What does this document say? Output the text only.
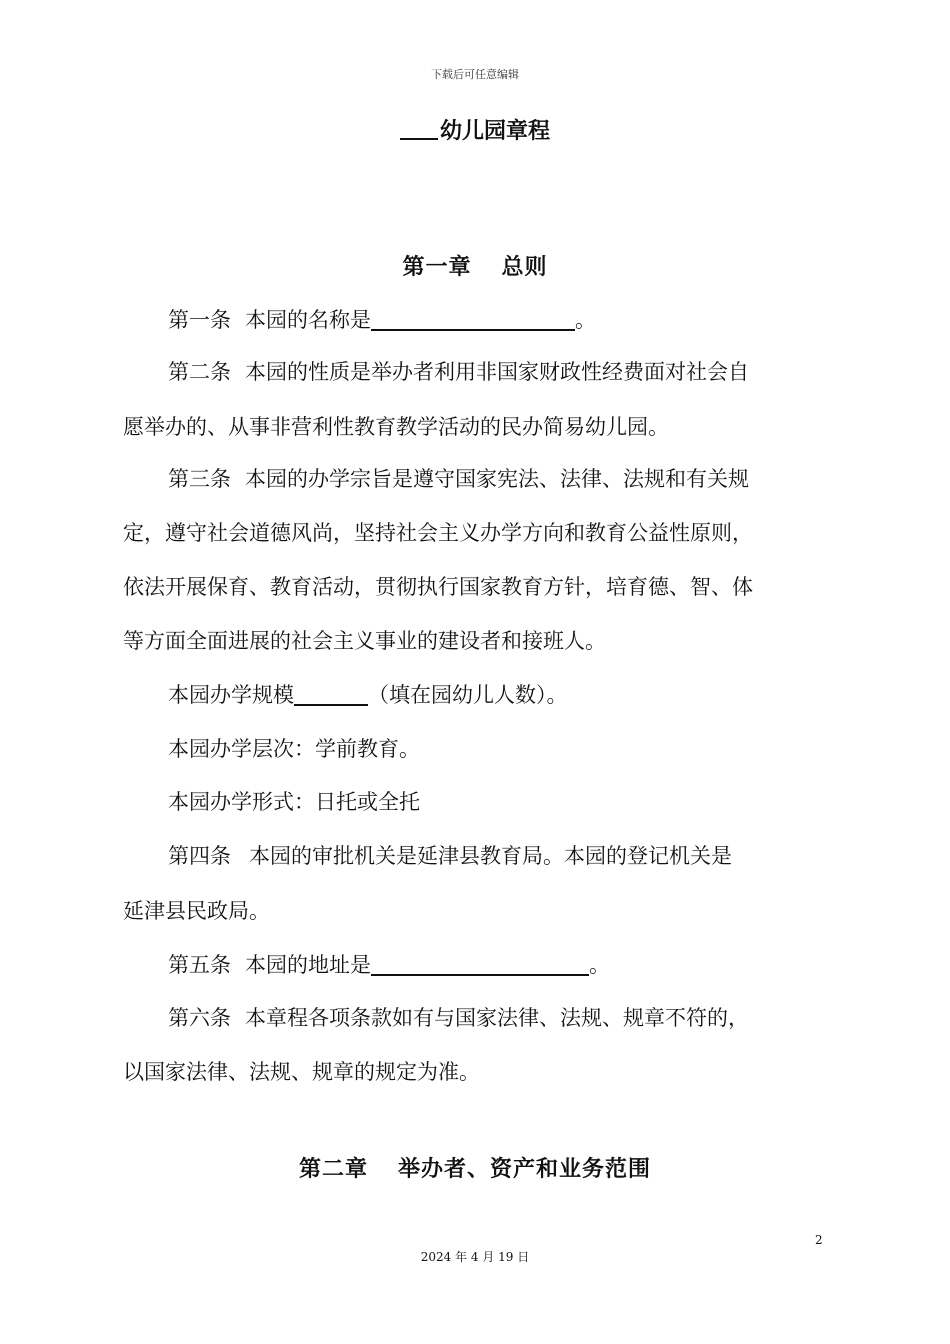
下载后可任意编辑
幼儿园章程
第一章 总则
第一条 本园的名称是	。
第二条 本园的性质是举办者利用非国家财政性经费面对社会自
愿举办的、从事非营利性教育教学活动的民办简易幼儿园。
第三条 本园的办学宗旨是遵守国家宪法、法律、法规和有关规
定，遵守社会道德风尚，坚持社会主义办学方向和教育公益性原则，
依法开展保育、教育活动，贯彻执行国家教育方针，培育德、智、体
等方面全面进展的社会主义事业的建设者和接班人。
本园办学规模	（填在园幼儿人数）。
本园办学层次：学前教育。
本园办学形式：日托或全托
第四条 本园的审批机关是延津县教育局。本园的登记机关是
延津县民政局。
第五条 本园的地址是	。
第六条 本章程各项条款如有与国家法律、法规、规章不符的，
以国家法律、法规、规章的规定为准。
第二章 举办者、资产和业务范围
2
2024 年 4 月 19 日
